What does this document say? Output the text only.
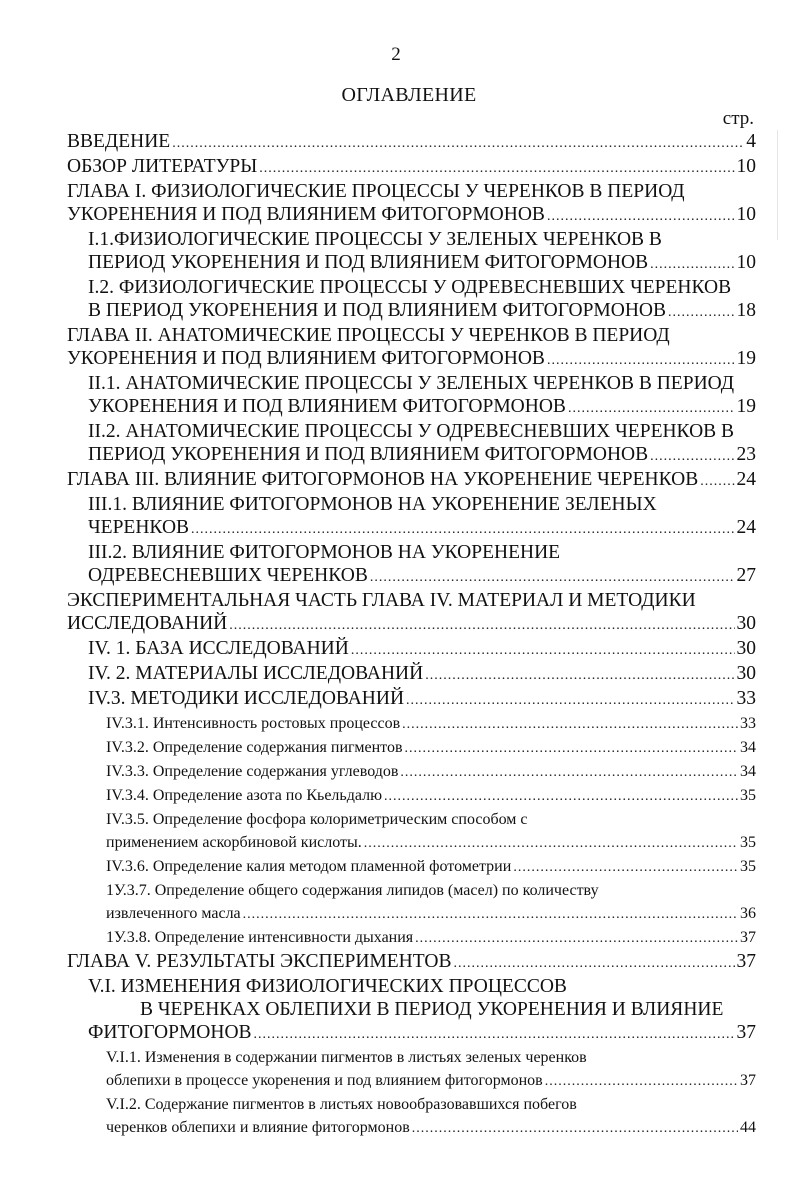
2
ОГЛАВЛЕНИЕ
стр.
ВВЕДЕНИЕ .....	4
ОБЗОР ЛИТЕРАТУРЫ .....	10
ГЛАВА I. ФИЗИОЛОГИЧЕСКИЕ ПРОЦЕССЫ У ЧЕРЕНКОВ В ПЕРИОД
УКОРЕНЕНИЯ И ПОД ВЛИЯНИЕМ ФИТОГОРМОНОВ .....	10
I.1.ФИЗИОЛОГИЧЕСКИЕ ПРОЦЕССЫ У ЗЕЛЕНЫХ ЧЕРЕНКОВ В
ПЕРИОД УКОРЕНЕНИЯ И ПОД ВЛИЯНИЕМ ФИТОГОРМОНОВ .....	10
I.2. ФИЗИОЛОГИЧЕСКИЕ ПРОЦЕССЫ У ОДРЕВЕСНЕВШИХ ЧЕРЕНКОВ
В ПЕРИОД УКОРЕНЕНИЯ И ПОД ВЛИЯНИЕМ ФИТОГОРМОНОВ .....	18
ГЛАВА II. АНАТОМИЧЕСКИЕ ПРОЦЕССЫ У ЧЕРЕНКОВ В ПЕРИОД
УКОРЕНЕНИЯ И ПОД ВЛИЯНИЕМ ФИТОГОРМОНОВ .....	19
II.1. АНАТОМИЧЕСКИЕ ПРОЦЕССЫ У ЗЕЛЕНЫХ ЧЕРЕНКОВ В ПЕРИОД
УКОРЕНЕНИЯ И ПОД ВЛИЯНИЕМ ФИТОГОРМОНОВ .....	19
II.2. АНАТОМИЧЕСКИЕ ПРОЦЕССЫ У ОДРЕВЕСНЕВШИХ ЧЕРЕНКОВ В
ПЕРИОД УКОРЕНЕНИЯ И ПОД ВЛИЯНИЕМ ФИТОГОРМОНОВ .....	23
ГЛАВА III. ВЛИЯНИЕ ФИТОГОРМОНОВ НА УКОРЕНЕНИЕ ЧЕРЕНКОВ ..... 24
III.1. ВЛИЯНИЕ ФИТОГОРМОНОВ НА УКОРЕНЕНИЕ ЗЕЛЕНЫХ
ЧЕРЕНКОВ .....	24
III.2. ВЛИЯНИЕ ФИТОГОРМОНОВ НА УКОРЕНЕНИЕ
ОДРЕВЕСНЕВШИХ ЧЕРЕНКОВ .....	27
ЭКСПЕРИМЕНТАЛЬНАЯ ЧАСТЬ ГЛАВА IV. МАТЕРИАЛ И МЕТОДИКИ
ИССЛЕДОВАНИЙ .....	30
IV. 1. БАЗА ИССЛЕДОВАНИЙ .....	30
IV. 2. МАТЕРИАЛЫ ИССЛЕДОВАНИЙ .....	30
IV.3. МЕТОДИКИ ИССЛЕДОВАНИЙ .....	33
IV.3.1. Интенсивность ростовых процессов .....	33
IV.3.2. Определение содержания пигментов .....	34
IV.3.3. Определение содержания углеводов .....	34
IV.3.4. Определение азота по Кьельдалю .....	35
IV.3.5. Определение фосфора колориметрическим способом с
применением аскорбиновой кислоты. .....	35
IV.3.6. Определение калия методом пламенной фотометрии .....	35
1У.3.7. Определение общего содержания липидов (масел) по количеству
извлеченного масла .....	36
1У.3.8. Определение интенсивности дыхания .....	37
ГЛАВА V. РЕЗУЛЬТАТЫ ЭКСПЕРИМЕНТОВ .....	37
V.I. ИЗМЕНЕНИЯ ФИЗИОЛОГИЧЕСКИХ ПРОЦЕССОВ
В ЧЕРЕНКАХ ОБЛЕПИХИ В ПЕРИОД УКОРЕНЕНИЯ И ВЛИЯНИЕ
ФИТОГОРМОНОВ .....	37
V.I.1. Изменения в содержании пигментов в листьях зеленых черенков
облепихи в процессе укоренения и под влиянием фитогормонов .....	37
V.I.2. Содержание пигментов в листьях новообразовавшихся побегов
черенков облепихи и влияние фитогормонов .....	44
